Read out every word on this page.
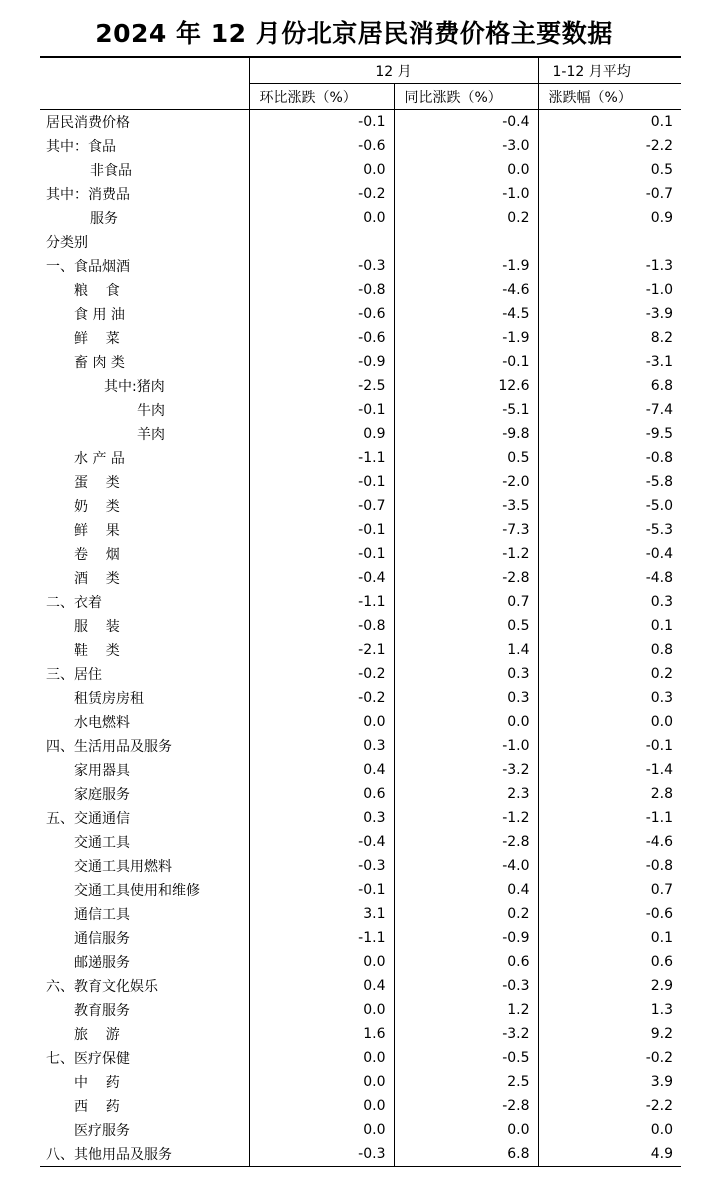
2024 年 12 月份北京居民消费价格主要数据
	12 月		1-12 月平均
	环比涨跌（%）	同比涨跌（%）	涨跌幅（%）
居民消费价格	-0.1	-0.4	0.1
其中：食品	-0.6	-3.0	-2.2
非食品	0.0	0.0	0.5
其中：消费品	-0.2	-1.0	-0.7
服务	0.0	0.2	0.9
分类别			
一、食品烟酒	-0.3	-1.9	-1.3
粮    食	-0.8	-4.6	-1.0
食 用 油	-0.6	-4.5	-3.9
鲜    菜	-0.6	-1.9	8.2
畜 肉 类	-0.9	-0.1	-3.1
其中:猪肉	-2.5	12.6	6.8
牛肉	-0.1	-5.1	-7.4
羊肉	0.9	-9.8	-9.5
水 产 品	-1.1	0.5	-0.8
蛋    类	-0.1	-2.0	-5.8
奶    类	-0.7	-3.5	-5.0
鲜    果	-0.1	-7.3	-5.3
卷    烟	-0.1	-1.2	-0.4
酒    类	-0.4	-2.8	-4.8
二、衣着	-1.1	0.7	0.3
服    装	-0.8	0.5	0.1
鞋    类	-2.1	1.4	0.8
三、居住	-0.2	0.3	0.2
租赁房房租	-0.2	0.3	0.3
水电燃料	0.0	0.0	0.0
四、生活用品及服务	0.3	-1.0	-0.1
家用器具	0.4	-3.2	-1.4
家庭服务	0.6	2.3	2.8
五、交通通信	0.3	-1.2	-1.1
交通工具	-0.4	-2.8	-4.6
交通工具用燃料	-0.3	-4.0	-0.8
交通工具使用和维修	-0.1	0.4	0.7
通信工具	3.1	0.2	-0.6
通信服务	-1.1	-0.9	0.1
邮递服务	0.0	0.6	0.6
六、教育文化娱乐	0.4	-0.3	2.9
教育服务	0.0	1.2	1.3
旅    游	1.6	-3.2	9.2
七、医疗保健	0.0	-0.5	-0.2
中    药	0.0	2.5	3.9
西    药	0.0	-2.8	-2.2
医疗服务	0.0	0.0	0.0
八、其他用品及服务	-0.3	6.8	4.9
